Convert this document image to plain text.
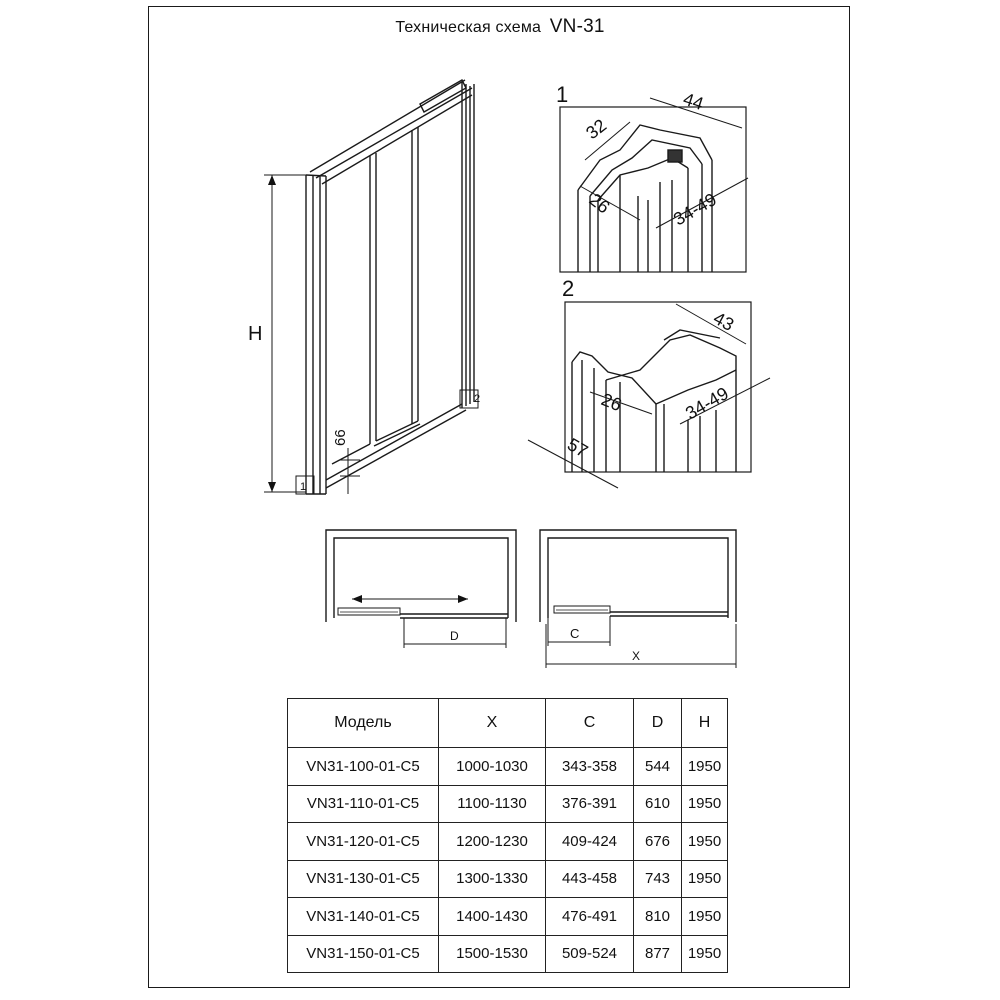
Техническая схема VN-31
H
66
1
2
1
32
44
26	34-49
2
43
26	34-49
57
D	C
X
Модель	X	C	D	H
VN31-100-01-C5	1000-1030	343-358	544	1950
VN31-110-01-C5	1100-1130	376-391	610	1950
VN31-120-01-C5	1200-1230	409-424	676	1950
VN31-130-01-C5	1300-1330	443-458	743	1950
VN31-140-01-C5	1400-1430	476-491	810	1950
VN31-150-01-C5	1500-1530	509-524	877	1950
